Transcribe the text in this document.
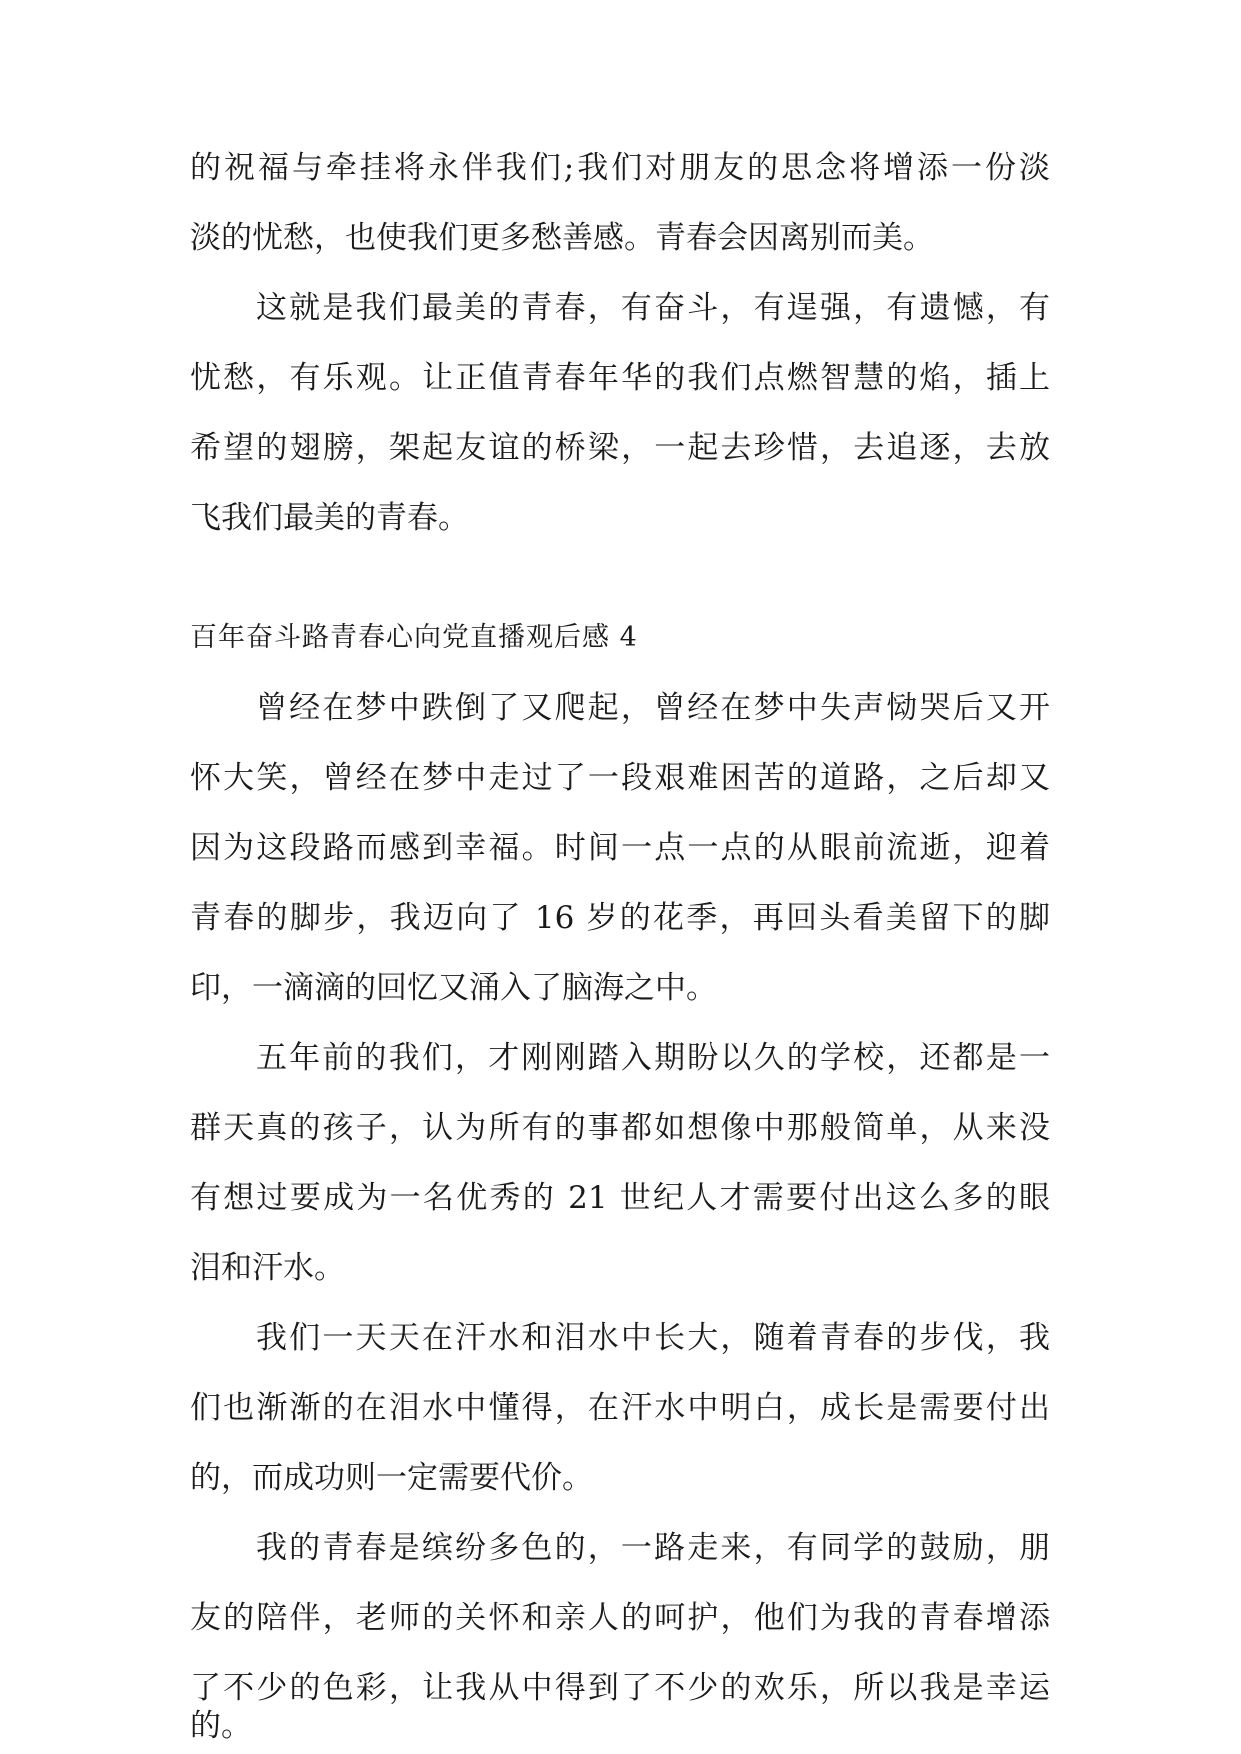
的祝福与牵挂将永伴我们;我们对朋友的思念将增添一份淡
淡的忧愁，也使我们更多愁善感。青春会因离别而美。
这就是我们最美的青春，有奋斗，有逞强，有遗憾，有
忧愁，有乐观。让正值青春年华的我们点燃智慧的焰，插上
希望的翅膀，架起友谊的桥梁，一起去珍惜，去追逐，去放
飞我们最美的青春。
百年奋斗路青春心向党直播观后感 4
曾经在梦中跌倒了又爬起，曾经在梦中失声恸哭后又开
怀大笑，曾经在梦中走过了一段艰难困苦的道路，之后却又
因为这段路而感到幸福。时间一点一点的从眼前流逝，迎着
青春的脚步，我迈向了 16 岁的花季，再回头看美留下的脚
印，一滴滴的回忆又涌入了脑海之中。
五年前的我们，才刚刚踏入期盼以久的学校，还都是一
群天真的孩子，认为所有的事都如想像中那般简单，从来没
有想过要成为一名优秀的 21 世纪人才需要付出这么多的眼
泪和汗水。
我们一天天在汗水和泪水中长大，随着青春的步伐，我
们也渐渐的在泪水中懂得，在汗水中明白，成长是需要付出
的，而成功则一定需要代价。
我的青春是缤纷多色的，一路走来，有同学的鼓励，朋
友的陪伴，老师的关怀和亲人的呵护，他们为我的青春增添
了不少的色彩，让我从中得到了不少的欢乐，所以我是幸运
的。
